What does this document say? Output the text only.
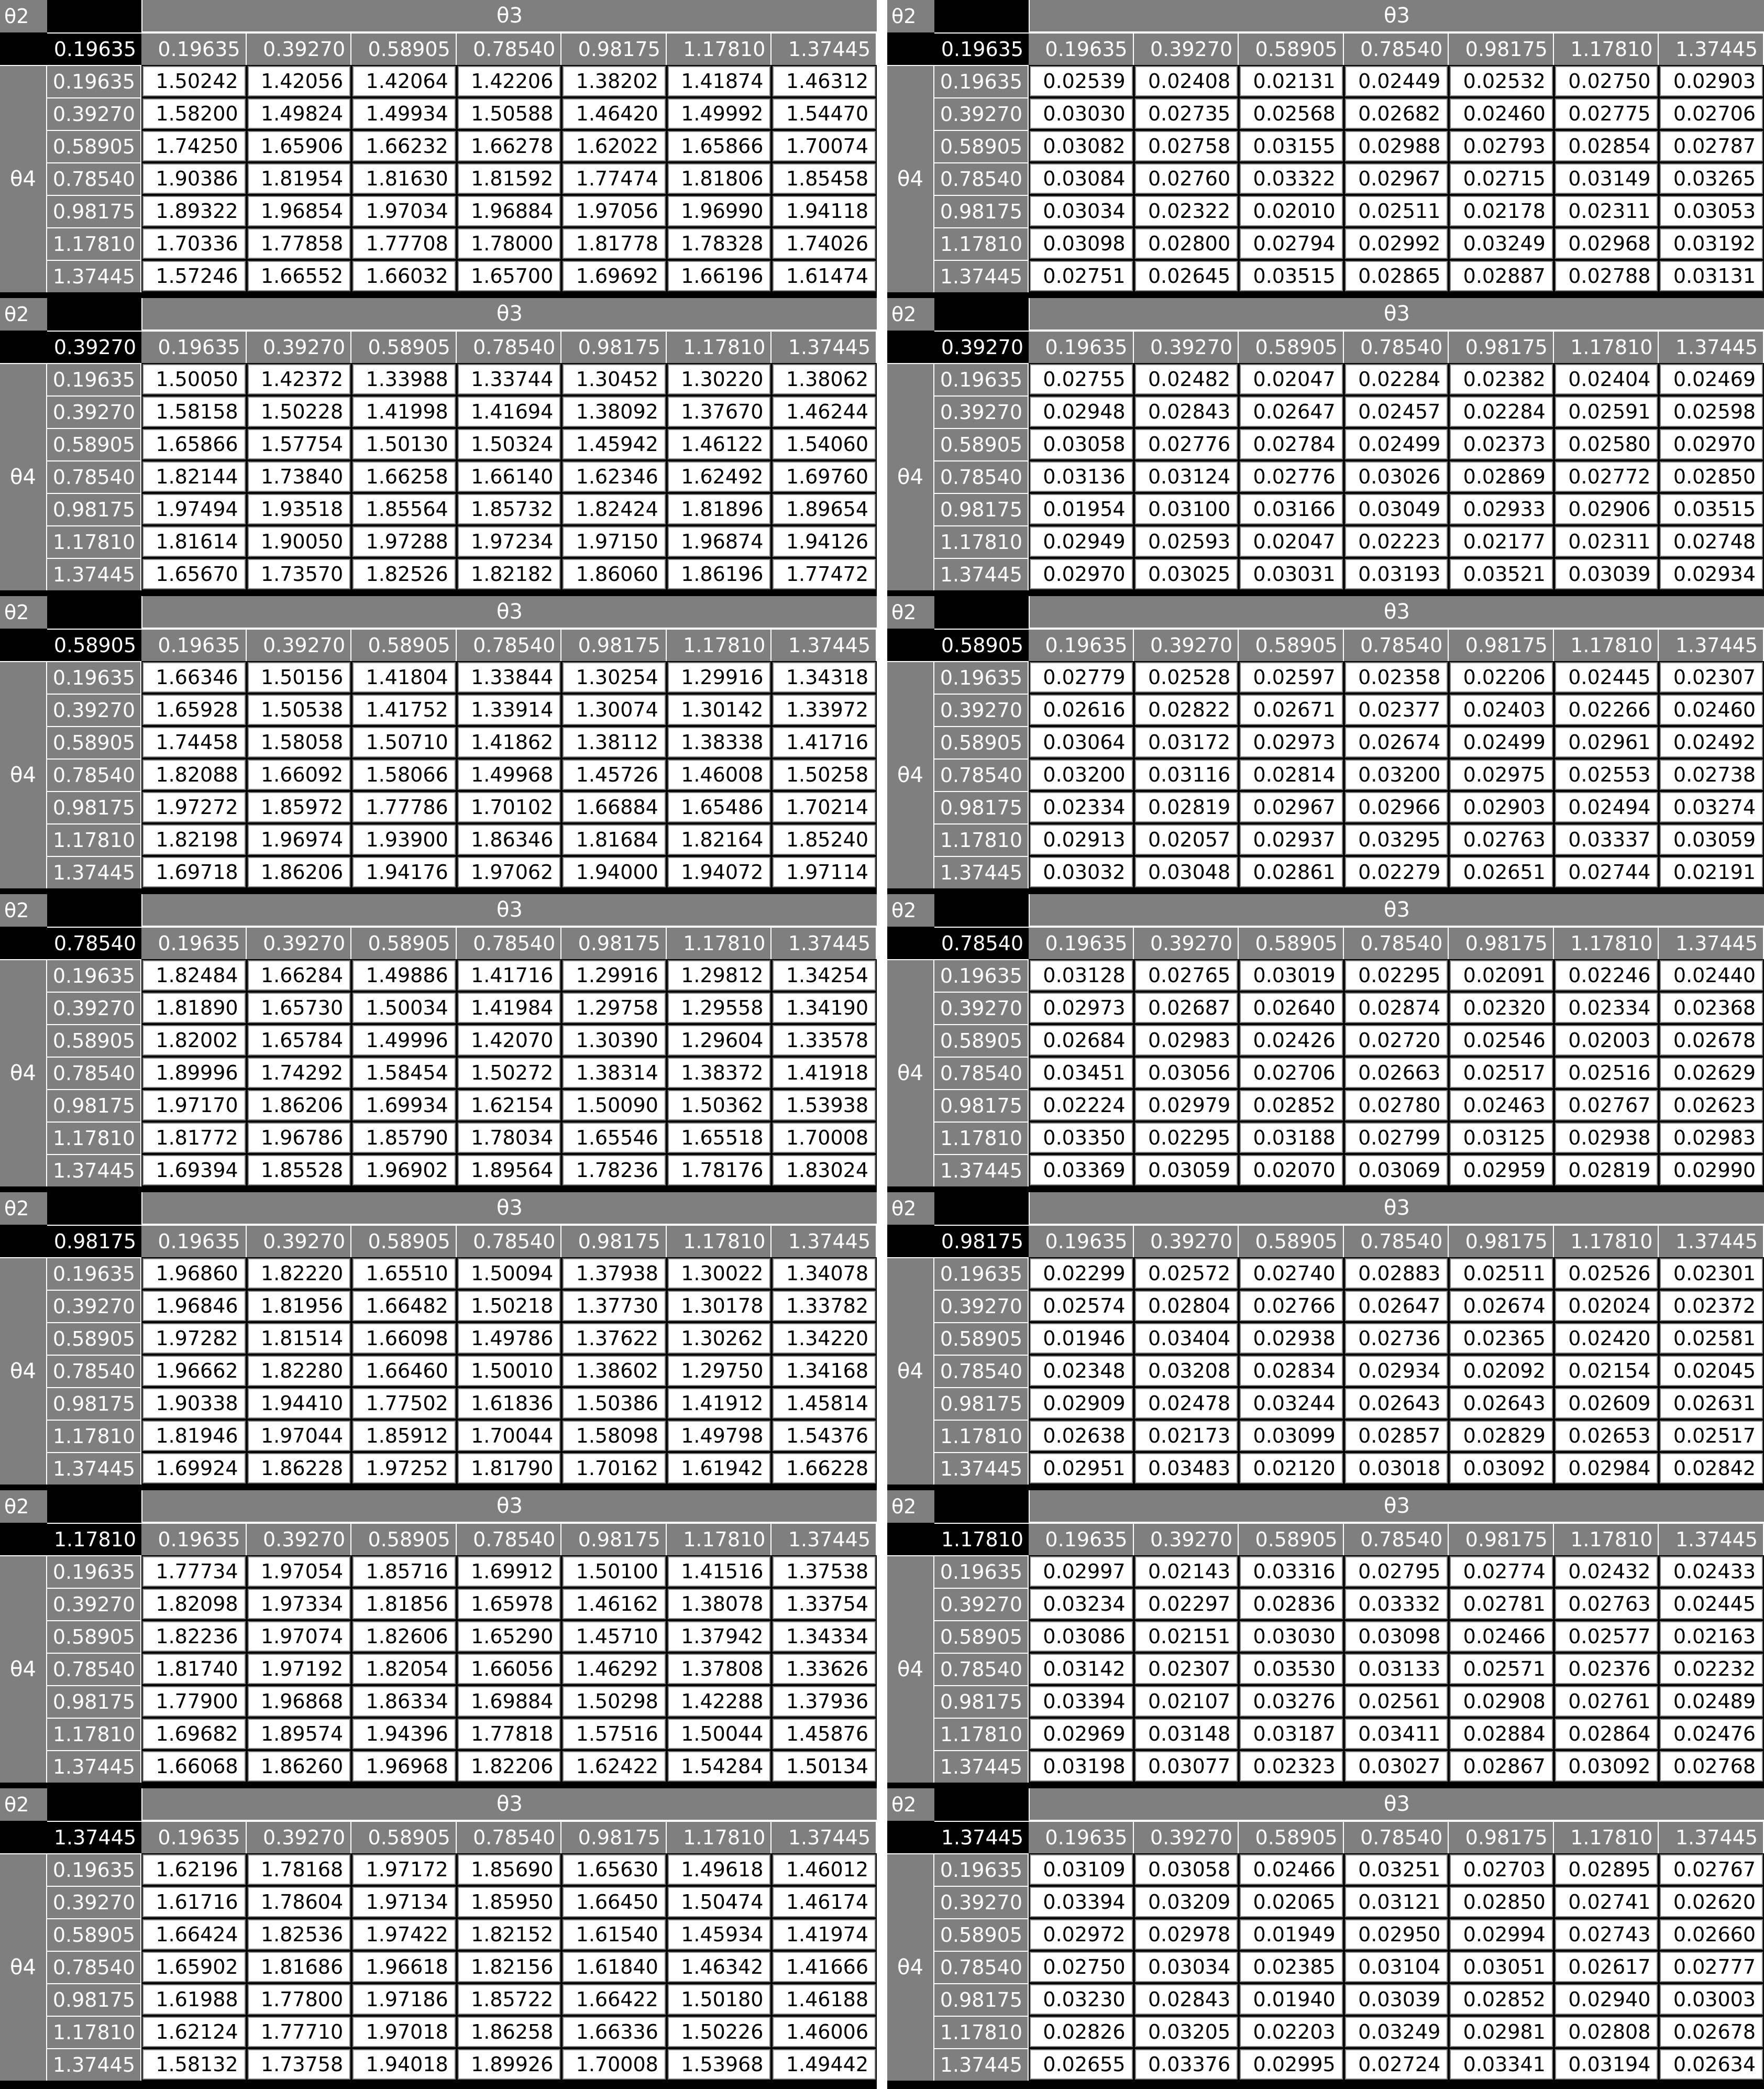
θ2		θ3						
	0.19635	0.19635	0.39270	0.58905	0.78540	0.98175	1.17810	1.37445
θ4	0.19635	1.50242	1.42056	1.42064	1.42206	1.38202	1.41874	1.46312
	0.39270	1.58200	1.49824	1.49934	1.50588	1.46420	1.49992	1.54470
	0.58905	1.74250	1.65906	1.66232	1.66278	1.62022	1.65866	1.70074
	0.78540	1.90386	1.81954	1.81630	1.81592	1.77474	1.81806	1.85458
	0.98175	1.89322	1.96854	1.97034	1.96884	1.97056	1.96990	1.94118
	1.17810	1.70336	1.77858	1.77708	1.78000	1.81778	1.78328	1.74026
	1.37445	1.57246	1.66552	1.66032	1.65700	1.69692	1.66196	1.61474
θ2		θ3						
	0.39270	0.19635	0.39270	0.58905	0.78540	0.98175	1.17810	1.37445
θ4	0.19635	1.50050	1.42372	1.33988	1.33744	1.30452	1.30220	1.38062
	0.39270	1.58158	1.50228	1.41998	1.41694	1.38092	1.37670	1.46244
	0.58905	1.65866	1.57754	1.50130	1.50324	1.45942	1.46122	1.54060
	0.78540	1.82144	1.73840	1.66258	1.66140	1.62346	1.62492	1.69760
	0.98175	1.97494	1.93518	1.85564	1.85732	1.82424	1.81896	1.89654
	1.17810	1.81614	1.90050	1.97288	1.97234	1.97150	1.96874	1.94126
	1.37445	1.65670	1.73570	1.82526	1.82182	1.86060	1.86196	1.77472
θ2		θ3						
	0.58905	0.19635	0.39270	0.58905	0.78540	0.98175	1.17810	1.37445
θ4	0.19635	1.66346	1.50156	1.41804	1.33844	1.30254	1.29916	1.34318
	0.39270	1.65928	1.50538	1.41752	1.33914	1.30074	1.30142	1.33972
	0.58905	1.74458	1.58058	1.50710	1.41862	1.38112	1.38338	1.41716
	0.78540	1.82088	1.66092	1.58066	1.49968	1.45726	1.46008	1.50258
	0.98175	1.97272	1.85972	1.77786	1.70102	1.66884	1.65486	1.70214
	1.17810	1.82198	1.96974	1.93900	1.86346	1.81684	1.82164	1.85240
	1.37445	1.69718	1.86206	1.94176	1.97062	1.94000	1.94072	1.97114
θ2		θ3						
	0.78540	0.19635	0.39270	0.58905	0.78540	0.98175	1.17810	1.37445
θ4	0.19635	1.82484	1.66284	1.49886	1.41716	1.29916	1.29812	1.34254
	0.39270	1.81890	1.65730	1.50034	1.41984	1.29758	1.29558	1.34190
	0.58905	1.82002	1.65784	1.49996	1.42070	1.30390	1.29604	1.33578
	0.78540	1.89996	1.74292	1.58454	1.50272	1.38314	1.38372	1.41918
	0.98175	1.97170	1.86206	1.69934	1.62154	1.50090	1.50362	1.53938
	1.17810	1.81772	1.96786	1.85790	1.78034	1.65546	1.65518	1.70008
	1.37445	1.69394	1.85528	1.96902	1.89564	1.78236	1.78176	1.83024
θ2		θ3						
	0.98175	0.19635	0.39270	0.58905	0.78540	0.98175	1.17810	1.37445
θ4	0.19635	1.96860	1.82220	1.65510	1.50094	1.37938	1.30022	1.34078
	0.39270	1.96846	1.81956	1.66482	1.50218	1.37730	1.30178	1.33782
	0.58905	1.97282	1.81514	1.66098	1.49786	1.37622	1.30262	1.34220
	0.78540	1.96662	1.82280	1.66460	1.50010	1.38602	1.29750	1.34168
	0.98175	1.90338	1.94410	1.77502	1.61836	1.50386	1.41912	1.45814
	1.17810	1.81946	1.97044	1.85912	1.70044	1.58098	1.49798	1.54376
	1.37445	1.69924	1.86228	1.97252	1.81790	1.70162	1.61942	1.66228
θ2		θ3						
	1.17810	0.19635	0.39270	0.58905	0.78540	0.98175	1.17810	1.37445
θ4	0.19635	1.77734	1.97054	1.85716	1.69912	1.50100	1.41516	1.37538
	0.39270	1.82098	1.97334	1.81856	1.65978	1.46162	1.38078	1.33754
	0.58905	1.82236	1.97074	1.82606	1.65290	1.45710	1.37942	1.34334
	0.78540	1.81740	1.97192	1.82054	1.66056	1.46292	1.37808	1.33626
	0.98175	1.77900	1.96868	1.86334	1.69884	1.50298	1.42288	1.37936
	1.17810	1.69682	1.89574	1.94396	1.77818	1.57516	1.50044	1.45876
	1.37445	1.66068	1.86260	1.96968	1.82206	1.62422	1.54284	1.50134
θ2		θ3						
	1.37445	0.19635	0.39270	0.58905	0.78540	0.98175	1.17810	1.37445
θ4	0.19635	1.62196	1.78168	1.97172	1.85690	1.65630	1.49618	1.46012
	0.39270	1.61716	1.78604	1.97134	1.85950	1.66450	1.50474	1.46174
	0.58905	1.66424	1.82536	1.97422	1.82152	1.61540	1.45934	1.41974
	0.78540	1.65902	1.81686	1.96618	1.82156	1.61840	1.46342	1.41666
	0.98175	1.61988	1.77800	1.97186	1.85722	1.66422	1.50180	1.46188
	1.17810	1.62124	1.77710	1.97018	1.86258	1.66336	1.50226	1.46006
	1.37445	1.58132	1.73758	1.94018	1.89926	1.70008	1.53968	1.49442
θ2		θ3						
	0.19635	0.19635	0.39270	0.58905	0.78540	0.98175	1.17810	1.37445
θ4	0.19635	0.02539	0.02408	0.02131	0.02449	0.02532	0.02750	0.02903
	0.39270	0.03030	0.02735	0.02568	0.02682	0.02460	0.02775	0.02706
	0.58905	0.03082	0.02758	0.03155	0.02988	0.02793	0.02854	0.02787
	0.78540	0.03084	0.02760	0.03322	0.02967	0.02715	0.03149	0.03265
	0.98175	0.03034	0.02322	0.02010	0.02511	0.02178	0.02311	0.03053
	1.17810	0.03098	0.02800	0.02794	0.02992	0.03249	0.02968	0.03192
	1.37445	0.02751	0.02645	0.03515	0.02865	0.02887	0.02788	0.03131
θ2		θ3						
	0.39270	0.19635	0.39270	0.58905	0.78540	0.98175	1.17810	1.37445
θ4	0.19635	0.02755	0.02482	0.02047	0.02284	0.02382	0.02404	0.02469
	0.39270	0.02948	0.02843	0.02647	0.02457	0.02284	0.02591	0.02598
	0.58905	0.03058	0.02776	0.02784	0.02499	0.02373	0.02580	0.02970
	0.78540	0.03136	0.03124	0.02776	0.03026	0.02869	0.02772	0.02850
	0.98175	0.01954	0.03100	0.03166	0.03049	0.02933	0.02906	0.03515
	1.17810	0.02949	0.02593	0.02047	0.02223	0.02177	0.02311	0.02748
	1.37445	0.02970	0.03025	0.03031	0.03193	0.03521	0.03039	0.02934
θ2		θ3						
	0.58905	0.19635	0.39270	0.58905	0.78540	0.98175	1.17810	1.37445
θ4	0.19635	0.02779	0.02528	0.02597	0.02358	0.02206	0.02445	0.02307
	0.39270	0.02616	0.02822	0.02671	0.02377	0.02403	0.02266	0.02460
	0.58905	0.03064	0.03172	0.02973	0.02674	0.02499	0.02961	0.02492
	0.78540	0.03200	0.03116	0.02814	0.03200	0.02975	0.02553	0.02738
	0.98175	0.02334	0.02819	0.02967	0.02966	0.02903	0.02494	0.03274
	1.17810	0.02913	0.02057	0.02937	0.03295	0.02763	0.03337	0.03059
	1.37445	0.03032	0.03048	0.02861	0.02279	0.02651	0.02744	0.02191
θ2		θ3						
	0.78540	0.19635	0.39270	0.58905	0.78540	0.98175	1.17810	1.37445
θ4	0.19635	0.03128	0.02765	0.03019	0.02295	0.02091	0.02246	0.02440
	0.39270	0.02973	0.02687	0.02640	0.02874	0.02320	0.02334	0.02368
	0.58905	0.02684	0.02983	0.02426	0.02720	0.02546	0.02003	0.02678
	0.78540	0.03451	0.03056	0.02706	0.02663	0.02517	0.02516	0.02629
	0.98175	0.02224	0.02979	0.02852	0.02780	0.02463	0.02767	0.02623
	1.17810	0.03350	0.02295	0.03188	0.02799	0.03125	0.02938	0.02983
	1.37445	0.03369	0.03059	0.02070	0.03069	0.02959	0.02819	0.02990
θ2		θ3						
	0.98175	0.19635	0.39270	0.58905	0.78540	0.98175	1.17810	1.37445
θ4	0.19635	0.02299	0.02572	0.02740	0.02883	0.02511	0.02526	0.02301
	0.39270	0.02574	0.02804	0.02766	0.02647	0.02674	0.02024	0.02372
	0.58905	0.01946	0.03404	0.02938	0.02736	0.02365	0.02420	0.02581
	0.78540	0.02348	0.03208	0.02834	0.02934	0.02092	0.02154	0.02045
	0.98175	0.02909	0.02478	0.03244	0.02643	0.02643	0.02609	0.02631
	1.17810	0.02638	0.02173	0.03099	0.02857	0.02829	0.02653	0.02517
	1.37445	0.02951	0.03483	0.02120	0.03018	0.03092	0.02984	0.02842
θ2		θ3						
	1.17810	0.19635	0.39270	0.58905	0.78540	0.98175	1.17810	1.37445
θ4	0.19635	0.02997	0.02143	0.03316	0.02795	0.02774	0.02432	0.02433
	0.39270	0.03234	0.02297	0.02836	0.03332	0.02781	0.02763	0.02445
	0.58905	0.03086	0.02151	0.03030	0.03098	0.02466	0.02577	0.02163
	0.78540	0.03142	0.02307	0.03530	0.03133	0.02571	0.02376	0.02232
	0.98175	0.03394	0.02107	0.03276	0.02561	0.02908	0.02761	0.02489
	1.17810	0.02969	0.03148	0.03187	0.03411	0.02884	0.02864	0.02476
	1.37445	0.03198	0.03077	0.02323	0.03027	0.02867	0.03092	0.02768
θ2		θ3						
	1.37445	0.19635	0.39270	0.58905	0.78540	0.98175	1.17810	1.37445
θ4	0.19635	0.03109	0.03058	0.02466	0.03251	0.02703	0.02895	0.02767
	0.39270	0.03394	0.03209	0.02065	0.03121	0.02850	0.02741	0.02620
	0.58905	0.02972	0.02978	0.01949	0.02950	0.02994	0.02743	0.02660
	0.78540	0.02750	0.03034	0.02385	0.03104	0.03051	0.02617	0.02777
	0.98175	0.03230	0.02843	0.01940	0.03039	0.02852	0.02940	0.03003
	1.17810	0.02826	0.03205	0.02203	0.03249	0.02981	0.02808	0.02678
	1.37445	0.02655	0.03376	0.02995	0.02724	0.03341	0.03194	0.02634
